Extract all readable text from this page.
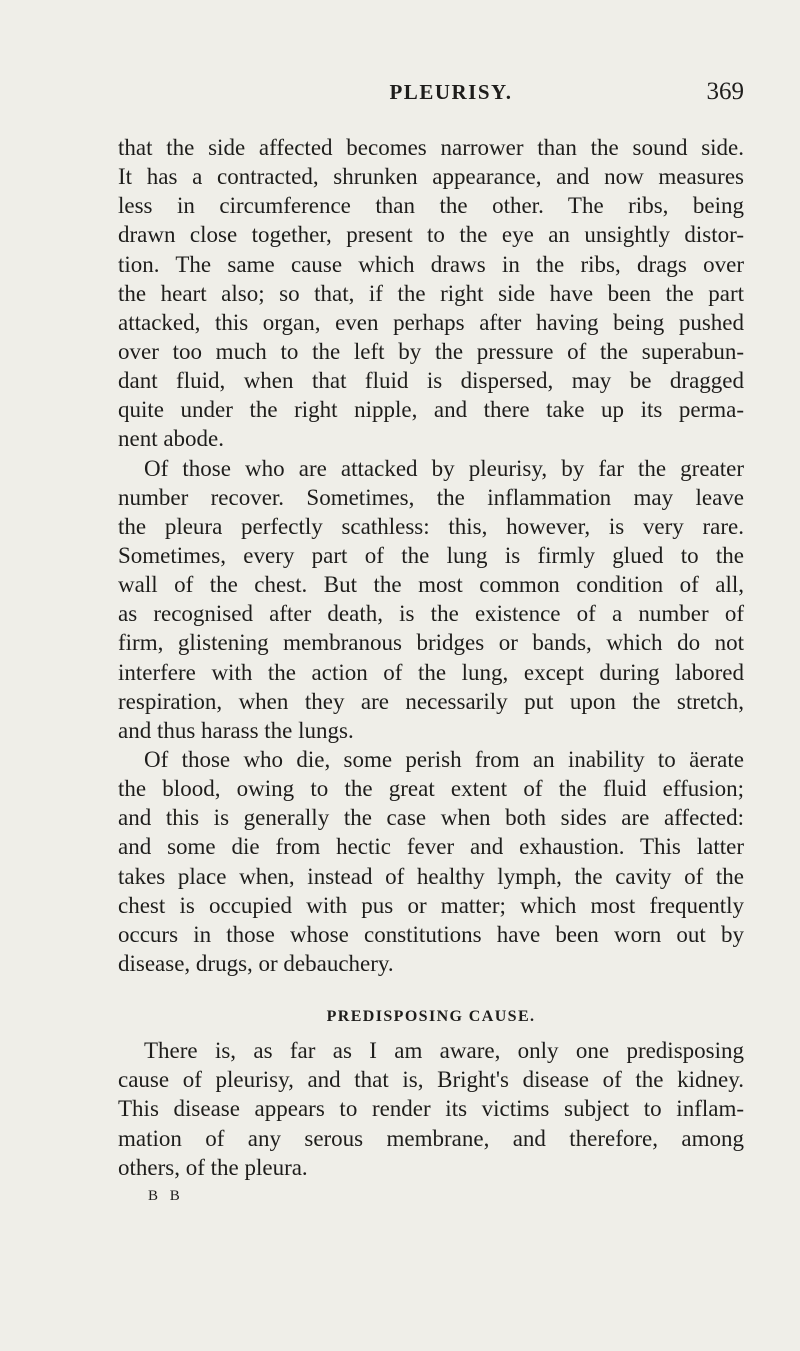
PLEURISY.	369
that the side affected becomes narrower than the sound side.
It has a contracted, shrunken appearance, and now measures
less in circumference than the other. The ribs, being
drawn close together, present to the eye an unsightly distor-
tion. The same cause which draws in the ribs, drags over
the heart also; so that, if the right side have been the part
attacked, this organ, even perhaps after having being pushed
over too much to the left by the pressure of the superabun-
dant fluid, when that fluid is dispersed, may be dragged
quite under the right nipple, and there take up its perma-
nent abode.
Of those who are attacked by pleurisy, by far the greater
number recover. Sometimes, the inflammation may leave
the pleura perfectly scathless: this, however, is very rare.
Sometimes, every part of the lung is firmly glued to the
wall of the chest. But the most common condition of all,
as recognised after death, is the existence of a number of
firm, glistening membranous bridges or bands, which do not
interfere with the action of the lung, except during labored
respiration, when they are necessarily put upon the stretch,
and thus harass the lungs.
Of those who die, some perish from an inability to äerate
the blood, owing to the great extent of the fluid effusion;
and this is generally the case when both sides are affected:
and some die from hectic fever and exhaustion. This latter
takes place when, instead of healthy lymph, the cavity of the
chest is occupied with pus or matter; which most frequently
occurs in those whose constitutions have been worn out by
disease, drugs, or debauchery.
PREDISPOSING CAUSE.
There is, as far as I am aware, only one predisposing
cause of pleurisy, and that is, Bright's disease of the kidney.
This disease appears to render its victims subject to inflam-
mation of any serous membrane, and therefore, among
others, of the pleura.
B B
